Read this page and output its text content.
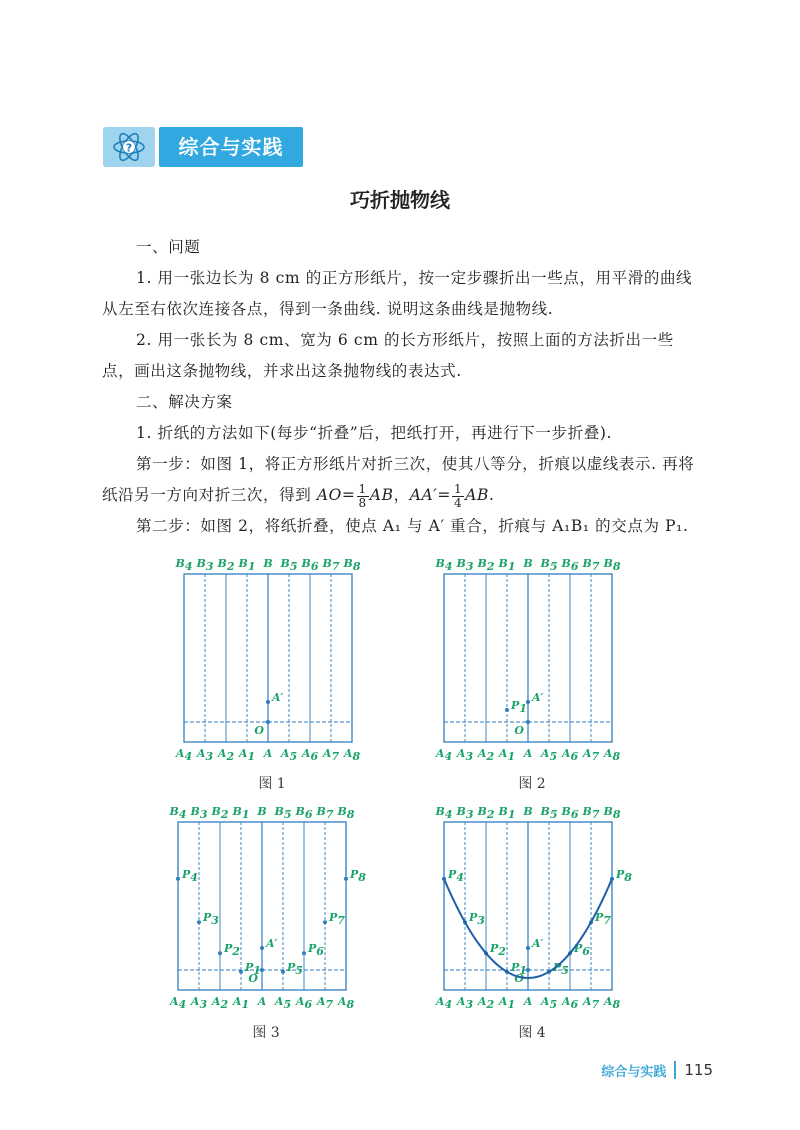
?	综合与实践
巧折抛物线

一、问题

1. 用一张边长为 8 cm 的正方形纸片，按一定步骤折出一些点，用平滑的曲线从左至右依次连接各点，得到一条曲线. 说明这条曲线是抛物线.

2. 用一张长为 8 cm、宽为 6 cm 的长方形纸片，按照上面的方法折出一些点，画出这条抛物线，并求出这条抛物线的表达式.

二、解决方案

1. 折纸的方法如下(每步“折叠”后，把纸打开，再进行下一步折叠).

第一步：如图 1，将正方形纸片对折三次，使其八等分，折痕以虚线表示. 再将纸沿另一方向对折三次，得到 $AO= \frac{1}{8}$ AB，$AA'= \frac{1}{4}$ AB.

第二步：如图 2，将纸折叠，使点 A₁ 与 A′ 重合，折痕与 A₁B₁ 的交点为 P₁.

B4 B3 B2 B1 B B5 B6 B7 B8
A4 A3 A2 A1 A A5 A6 A7 A8
O
A′
B4 B3 B2 B1 B B5 B6 B7 B8
A4 A3 A2 A1 A A5 A6 A7 A8
O
A′
P1
B4 B3 B2 B1 B B5 B6 B7 B8
A4 A3 A2 A1 A A5 A6 A7 A8
O
A′
P1
P2
P3
P4
P5
P6
P7
P8
B4 B3 B2 B1 B B5 B6 B7 B8
A4 A3 A2 A1 A A5 A6 A7 A8
O
A′
P1
P2
P3
P4
P5
P6
P7
P8
图 1	图 2
图 3	图 4
综合与实践	115
